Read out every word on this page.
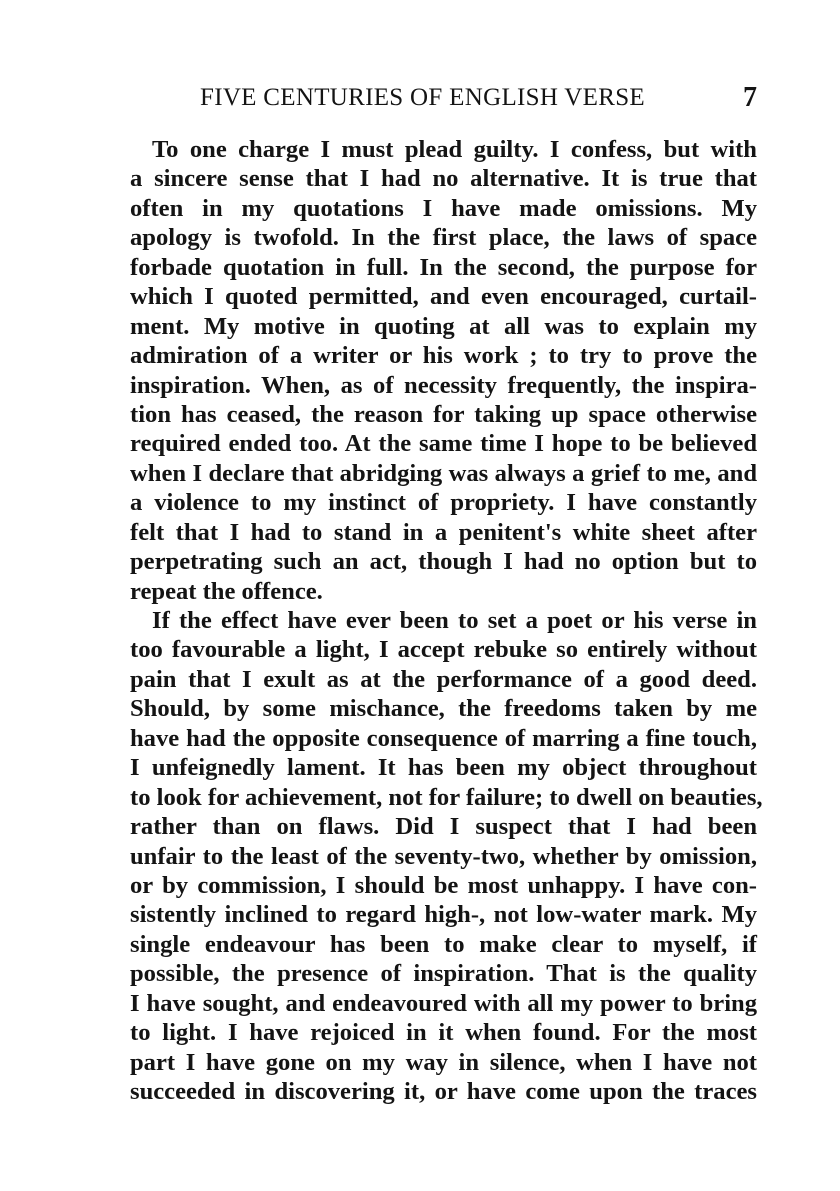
FIVE CENTURIES OF ENGLISH VERSE	7
To one charge I must plead guilty. I confess, but with
a sincere sense that I had no alternative. It is true that
often in my quotations I have made omissions. My
apology is twofold. In the first place, the laws of space
forbade quotation in full. In the second, the purpose for
which I quoted permitted, and even encouraged, curtail-
ment. My motive in quoting at all was to explain my
admiration of a writer or his work ; to try to prove the
inspiration. When, as of necessity frequently, the inspira-
tion has ceased, the reason for taking up space otherwise
required ended too. At the same time I hope to be believed
when I declare that abridging was always a grief to me, and
a violence to my instinct of propriety. I have constantly
felt that I had to stand in a penitent's white sheet after
perpetrating such an act, though I had no option but to
repeat the offence.
If the effect have ever been to set a poet or his verse in
too favourable a light, I accept rebuke so entirely without
pain that I exult as at the performance of a good deed.
Should, by some mischance, the freedoms taken by me
have had the opposite consequence of marring a fine touch,
I unfeignedly lament. It has been my object throughout
to look for achievement, not for failure; to dwell on beauties,
rather than on flaws. Did I suspect that I had been
unfair to the least of the seventy-two, whether by omission,
or by commission, I should be most unhappy. I have con-
sistently inclined to regard high-, not low-water mark. My
single endeavour has been to make clear to myself, if
possible, the presence of inspiration. That is the quality
I have sought, and endeavoured with all my power to bring
to light. I have rejoiced in it when found. For the most
part I have gone on my way in silence, when I have not
succeeded in discovering it, or have come upon the traces
